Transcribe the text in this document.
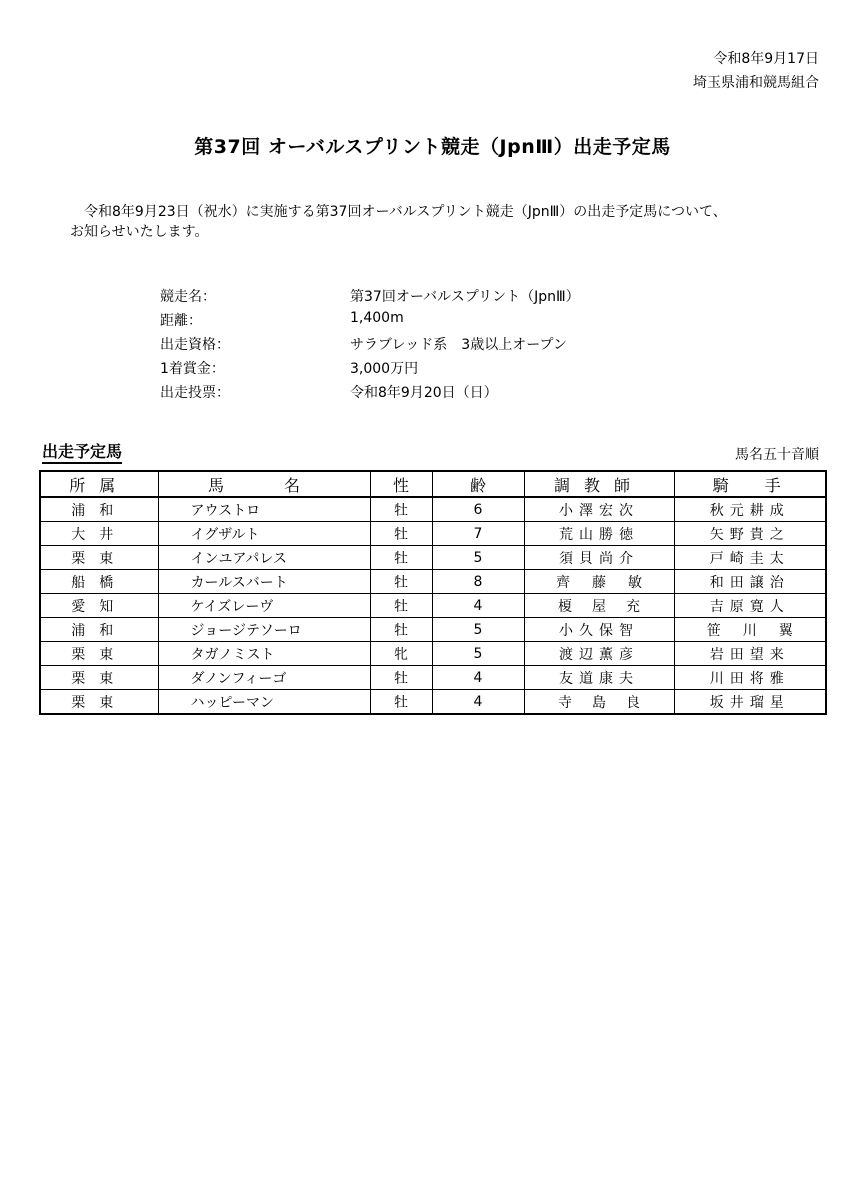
令和8年9月17日
埼玉県浦和競馬組合
第37回 オーバルスプリント競走（JpnⅢ）出走予定馬
令和8年9月23日（祝水）に実施する第37回オーバルスプリント競走（JpnⅢ）の出走予定馬について、
お知らせいたします。
競走名：	第37回オーバルスプリント（JpnⅢ）
距離：	1,400m
出走資格：	サラブレッド系　3歳以上オープン
1着賞金：	3,000万円
出走投票：	令和8年9月20日（日）
出走予定馬	馬名五十音順
所属	馬名	性	齢	調教師	騎手
浦和	アウストロ	牡	6	小澤宏次	秋元耕成
大井	イグザルト	牡	7	荒山勝徳	矢野貴之
栗東	インユアパレス	牡	5	須貝尚介	戸崎圭太
船橋	カールスバート	牡	8	齊藤敏	和田譲治
愛知	ケイズレーヴ	牡	4	榎屋充	吉原寛人
浦和	ジョージテソーロ	牡	5	小久保智	笹川翼
栗東	タガノミスト	牝	5	渡辺薫彦	岩田望来
栗東	ダノンフィーゴ	牡	4	友道康夫	川田将雅
栗東	ハッピーマン	牡	4	寺島良	坂井瑠星
